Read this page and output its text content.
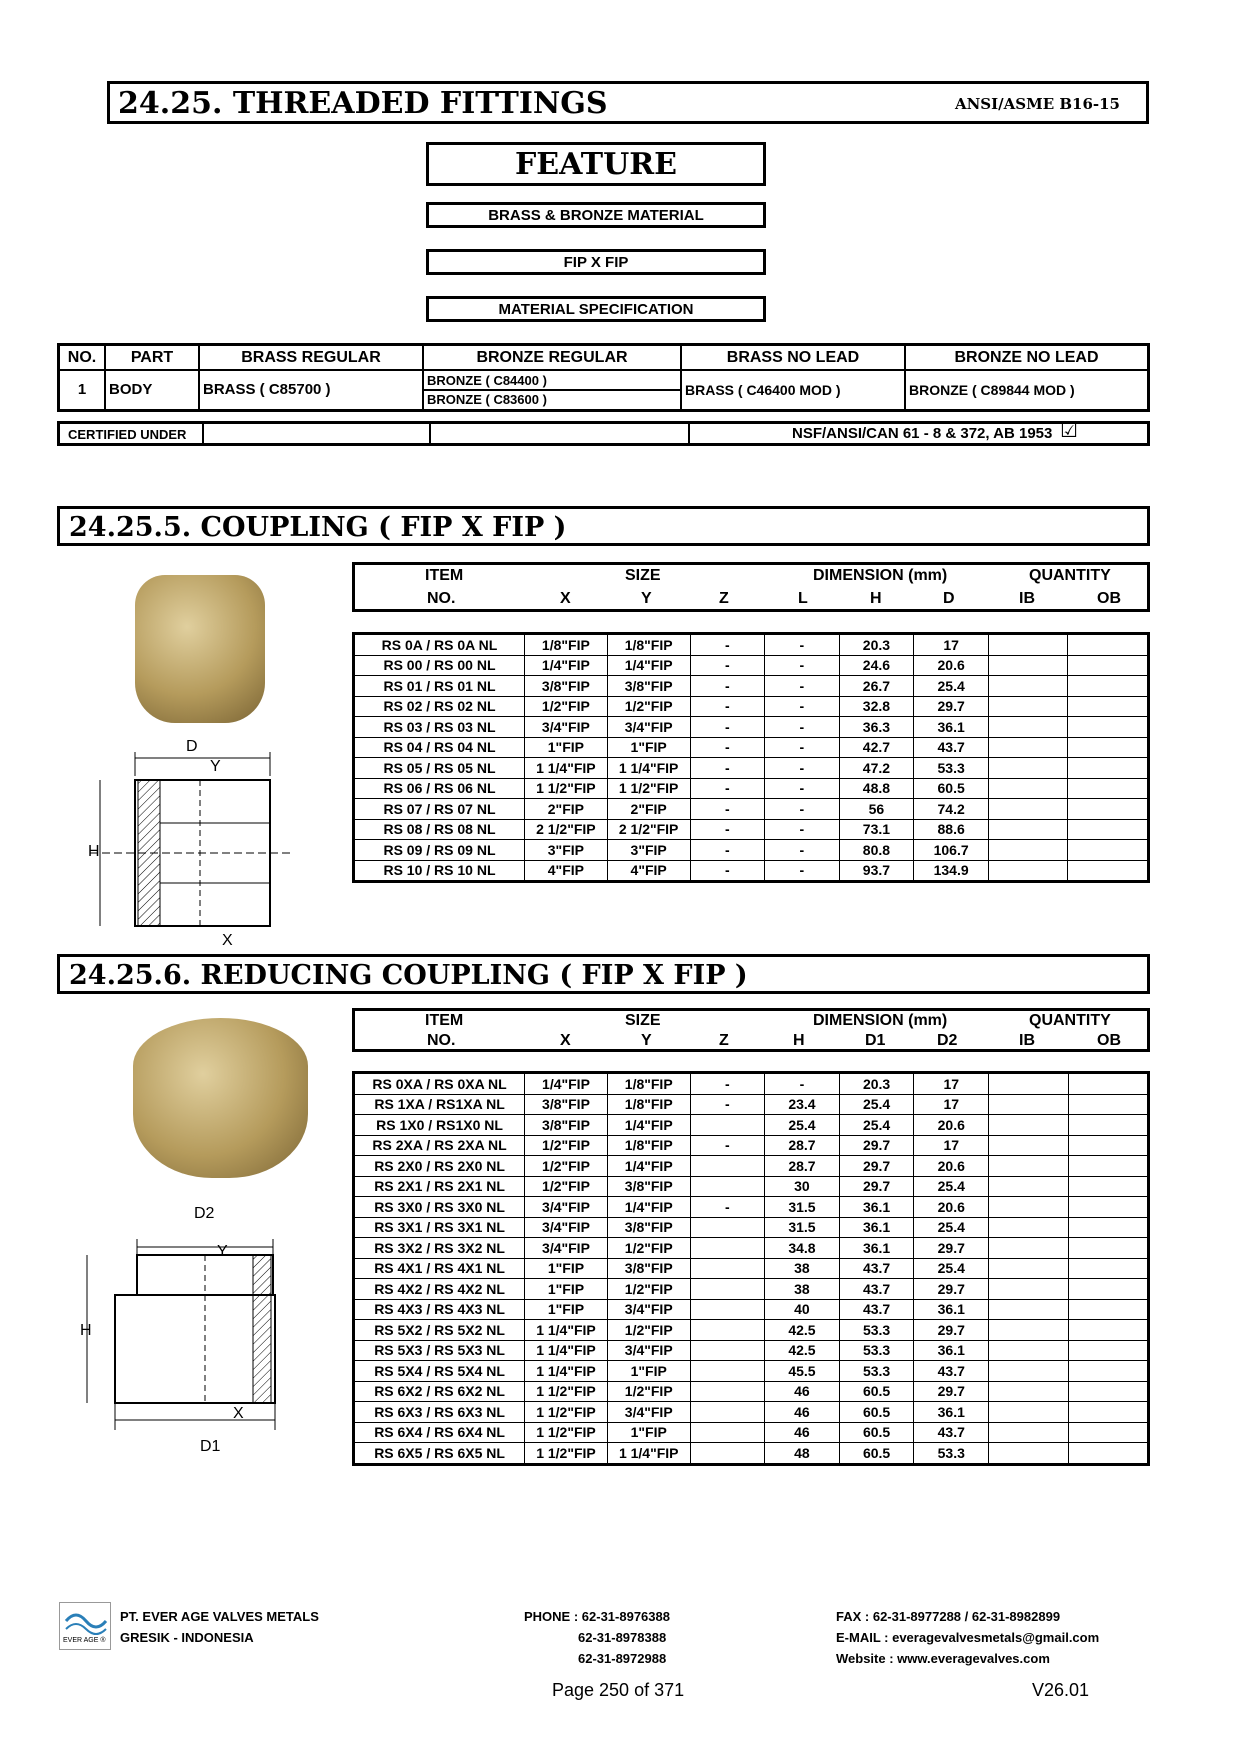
24.25. THREADED FITTINGS	ANSI/ASME B16-15
FEATURE
BRASS & BRONZE MATERIAL
FIP X FIP
MATERIAL SPECIFICATION
NO.	PART	BRASS REGULAR	BRONZE REGULAR	BRASS NO LEAD	BRONZE NO LEAD
1	BODY	BRASS ( C85700 )	BRONZE ( C84400 )	BRASS ( C46400 MOD )	BRONZE ( C89844 MOD )
			BRONZE ( C83600 )		
CERTIFIED UNDER	NSF/ANSI/CAN 61 - 8 & 372, AB 1953 ☑
24.25.5. COUPLING ( FIP X FIP )
D
Y
H
X
ITEM
NO.
SIZE
X	Y	Z
DIMENSION (mm)
L	H	D
QUANTITY
IB	OB
RS 0A / RS 0A NL	1/8"FIP	1/8"FIP	-	-	20.3	17		
RS 00 / RS 00 NL	1/4"FIP	1/4"FIP	-	-	24.6	20.6		
RS 01 / RS 01 NL	3/8"FIP	3/8"FIP	-	-	26.7	25.4		
RS 02 / RS 02 NL	1/2"FIP	1/2"FIP	-	-	32.8	29.7		
RS 03 / RS 03 NL	3/4"FIP	3/4"FIP	-	-	36.3	36.1		
RS 04 / RS 04 NL	1"FIP	1"FIP	-	-	42.7	43.7		
RS 05 / RS 05 NL	1 1/4"FIP	1 1/4"FIP	-	-	47.2	53.3		
RS 06 / RS 06 NL	1 1/2"FIP	1 1/2"FIP	-	-	48.8	60.5		
RS 07 / RS 07 NL	2"FIP	2"FIP	-	-	56	74.2		
RS 08 / RS 08 NL	2 1/2"FIP	2 1/2"FIP	-	-	73.1	88.6		
RS 09 / RS 09 NL	3"FIP	3"FIP	-	-	80.8	106.7		
RS 10 / RS 10 NL	4"FIP	4"FIP	-	-	93.7	134.9		
24.25.6. REDUCING COUPLING ( FIP X FIP )
D2
Y
H
X
D1
ITEM
NO.
SIZE
X	Y	Z
DIMENSION (mm)
H	D1	D2
QUANTITY
IB	OB
RS 0XA / RS 0XA NL	1/4"FIP	1/8"FIP	-	-	20.3	17		
RS 1XA / RS1XA NL	3/8"FIP	1/8"FIP	-	23.4	25.4	17		
RS 1X0 / RS1X0 NL	3/8"FIP	1/4"FIP		25.4	25.4	20.6		
RS 2XA / RS 2XA NL	1/2"FIP	1/8"FIP	-	28.7	29.7	17		
RS 2X0 / RS 2X0 NL	1/2"FIP	1/4"FIP		28.7	29.7	20.6		
RS 2X1 / RS 2X1 NL	1/2"FIP	3/8"FIP		30	29.7	25.4		
RS 3X0 / RS 3X0 NL	3/4"FIP	1/4"FIP	-	31.5	36.1	20.6		
RS 3X1 / RS 3X1 NL	3/4"FIP	3/8"FIP		31.5	36.1	25.4		
RS 3X2 / RS 3X2 NL	3/4"FIP	1/2"FIP		34.8	36.1	29.7		
RS 4X1 / RS 4X1 NL	1"FIP	3/8"FIP		38	43.7	25.4		
RS 4X2 / RS 4X2 NL	1"FIP	1/2"FIP		38	43.7	29.7		
RS 4X3 / RS 4X3 NL	1"FIP	3/4"FIP		40	43.7	36.1		
RS 5X2 / RS 5X2 NL	1 1/4"FIP	1/2"FIP		42.5	53.3	29.7		
RS 5X3 / RS 5X3 NL	1 1/4"FIP	3/4"FIP		42.5	53.3	36.1		
RS 5X4 / RS 5X4 NL	1 1/4"FIP	1"FIP		45.5	53.3	43.7		
RS 6X2 / RS 6X2 NL	1 1/2"FIP	1/2"FIP		46	60.5	29.7		
RS 6X3 / RS 6X3 NL	1 1/2"FIP	3/4"FIP		46	60.5	36.1		
RS 6X4 / RS 6X4 NL	1 1/2"FIP	1"FIP		46	60.5	43.7		
RS 6X5 / RS 6X5 NL	1 1/2"FIP	1 1/4"FIP		48	60.5	53.3		
EVER AGE ®
PT. EVER AGE VALVES METALS
GRESIK - INDONESIA
PHONE : 62-31-8976388
62-31-8978388
62-31-8972988
FAX : 62-31-8977288 / 62-31-8982899
E-MAIL : everagevalvesmetals@gmail.com
Website : www.everagevalves.com
Page 250 of 371	V26.01
